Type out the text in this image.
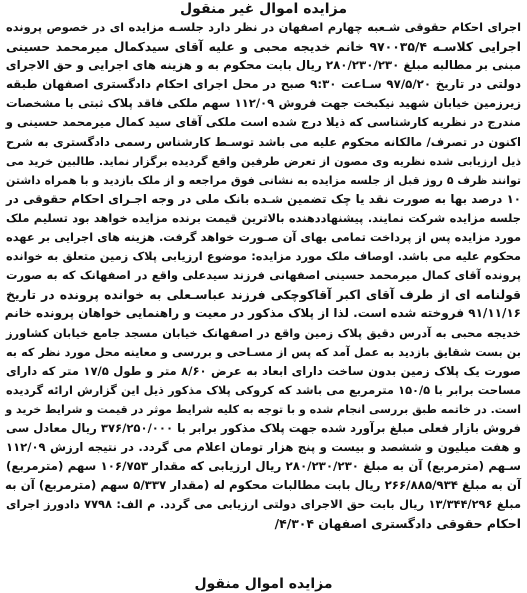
مزایده اموال غیر منقول
اجرای احکام حقوقی شـعبه چهارم اصفهان در نظر دارد جلسـه مزایده ای در خصوص پرونده
اجرایی کلاسـه ۹۷۰۰۳۵/۴ خانم خدیجه محبی و علیه آقای سیدکمال میرمحمد حسینی
مبنی بر مطالبه مبلغ ۲۸۰/۲۳۰/۲۳۰ ریال بابت محکوم به و هزینه های اجرایی و حق الاجرای
دولتی در تاریخ ۹۷/۵/۲۰ سـاعت ۹:۳۰ صبح در محل اجرای احکام دادگستری اصفهان طبقه
زیرزمین خیابان شهید نیکبخت جهت فروش ۱۱۲/۰۹ سهم ملکی فاقد پلاک ثبتی با مشخصات
مندرج در نظریه کارشناسی که ذیلا درج شده است ملکی آقای سید کمال میرمحمد حسینی و
اکنون در تصرف/ مالکانه محکوم علیه می باشد توسـط کارشناس رسمی دادگستری به شرح
ذیل ارزیابی شده نظریه وی مصون از تعرض طرفین واقع گردیده برگزار نماید. طالبین خرید می
توانند ظرف ۵ روز قبل از جلسه مزایده به نشانی فوق مراجعه و از ملک بازدید و با همراه داشتن
۱۰ درصد بها به صورت نقد یا چک تضمین شـده بانک ملی در وجه اجـرای احکام حقوقی در
جلسه مزایده شرکت نمایند. پیشنهاددهنده بالاترین قیمت برنده مزایده خواهد بود تسلیم ملک
مورد مزایده پس از پرداخت تمامی بهای آن صـورت خواهد گرفت. هزینه های اجرایی بر عهده
محکوم علیه می باشد. اوصاف ملک مورد مزایده: موضوع ارزیابی پلاک زمین متعلق به خوانده
پرونده آقای کمال میرمحمد حسینی اصفهانی فرزند سیدعلی واقع در اصفهانک که به صورت
قولنامه ای از طرف آقای اکبر آقاکوچکی فرزند عباسـعلی به خوانده پرونده در تاریخ
۹۱/۱۱/۱۶ فروخته شده است. لذا از پلاک مذکور در معیت و راهنمایی خواهان پرونده خانم
خدیجه محبی به آدرس دقیق پلاک زمین واقع در اصفهانک خیابان مسجد جامع خیابان کشاورز
بن بست شقایق بازدید به عمل آمد که پس از مسـاحی و بررسی و معاینه محل مورد نظر که به
صورت یک پلاک زمین بدون ساخت دارای ابعاد به عرض ۸/۶۰ متر و طول ۱۷/۵ متر که دارای
مساحت برابر با ۱۵۰/۵ مترمربع می باشد که کروکی پلاک مذکور ذیل این گزارش ارائه گردیده
است. در خاتمه طبق بررسی انجام شده و با توجه به کلیه شرایط موثر در قیمت و شرایط خرید و
فروش بازار فعلی مبلغ برآورد شده جهت پلاک مذکور برابر با ۳۷۶/۲۵۰/۰۰۰ ریال معادل سی
و هفت میلیون و ششصد و بیست و پنج هزار تومان اعلام می گردد. در نتیجه ارزش ۱۱۲/۰۹
سـهم (مترمربع) آن به مبلغ ۲۸۰/۲۳۰/۲۳۰ ریال ارزیابی که مقدار ۱۰۶/۷۵۳ سهم (مترمربع)
آن به مبلغ ۲۶۶/۸۸۵/۹۳۴ ریال بابت مطالبات محکوم له (مقدار ۵/۳۳۷ سهم (مترمربع) آن به
مبلغ ۱۳/۳۴۴/۲۹۶ ریال بابت حق الاجرای دولتی ارزیابی می گردد. م الف: ۷۷۹۸ دادورز اجرای
احکام حقوقی دادگستری اصفهان ۴/۳۰۴/
مزایده اموال منقول
